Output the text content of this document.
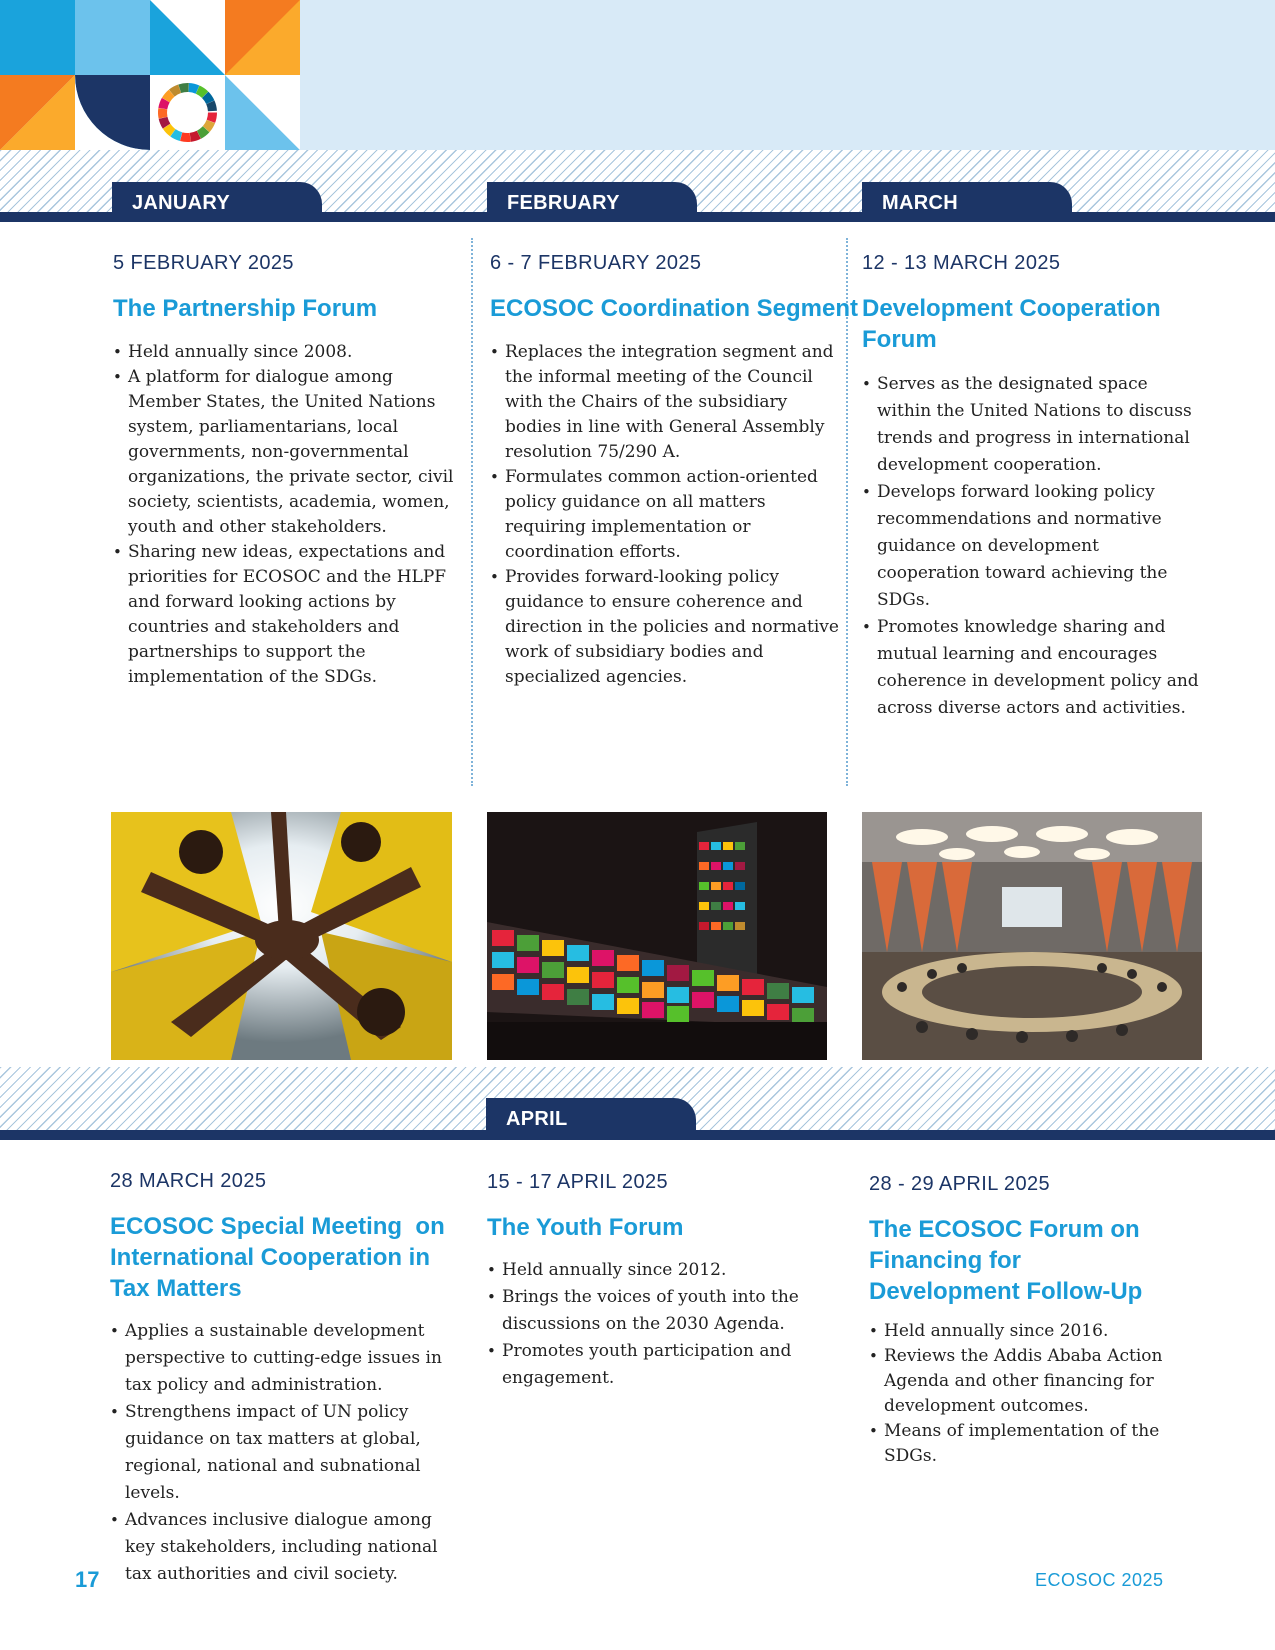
JANUARY	FEBRUARY	MARCH
5 FEBRUARY 2025
The Partnership Forum
• Held annually since 2008.
• A platform for dialogue among Member States, the United Nations system, parliamentarians, local governments, non-governmental organizations, the private sector, civil society, scientists, academia, women, youth and other stakeholders.
• Sharing new ideas, expectations and priorities for ECOSOC and the HLPF and forward looking actions by countries and stakeholders and partnerships to support the implementation of the SDGs.
6 - 7 FEBRUARY 2025
ECOSOC Coordination Segment
• Replaces the integration segment and the informal meeting of the Council with the Chairs of the subsidiary bodies in line with General Assembly resolution 75/290 A.
• Formulates common action-oriented policy guidance on all matters requiring implementation or coordination efforts.
• Provides forward-looking policy guidance to ensure coherence and direction in the policies and normative work of subsidiary bodies and specialized agencies.
12 - 13 MARCH 2025
Development Cooperation Forum
• Serves as the designated space within the United Nations to discuss trends and progress in international development cooperation.
• Develops forward looking policy recommendations and normative guidance on development cooperation toward achieving the SDGs.
• Promotes knowledge sharing and mutual learning and encourages coherence in development policy and across diverse actors and activities.
APRIL
28 MARCH 2025
ECOSOC Special Meeting  on International Cooperation in Tax Matters
• Applies a sustainable development perspective to cutting-edge issues in tax policy and administration.
• Strengthens impact of UN policy guidance on tax matters at global, regional, national and subnational levels.
• Advances inclusive dialogue among key stakeholders, including national tax authorities and civil society.
15 - 17 APRIL 2025
The Youth Forum
• Held annually since 2012.
• Brings the voices of youth into the discussions on the 2030 Agenda.
• Promotes youth participation and engagement.
28 - 29 APRIL 2025
The ECOSOC Forum on Financing for Development Follow-Up
• Held annually since 2016.
• Reviews the Addis Ababa Action Agenda and other financing for development outcomes.
• Means of implementation of the SDGs.
17	ECOSOC 2025
